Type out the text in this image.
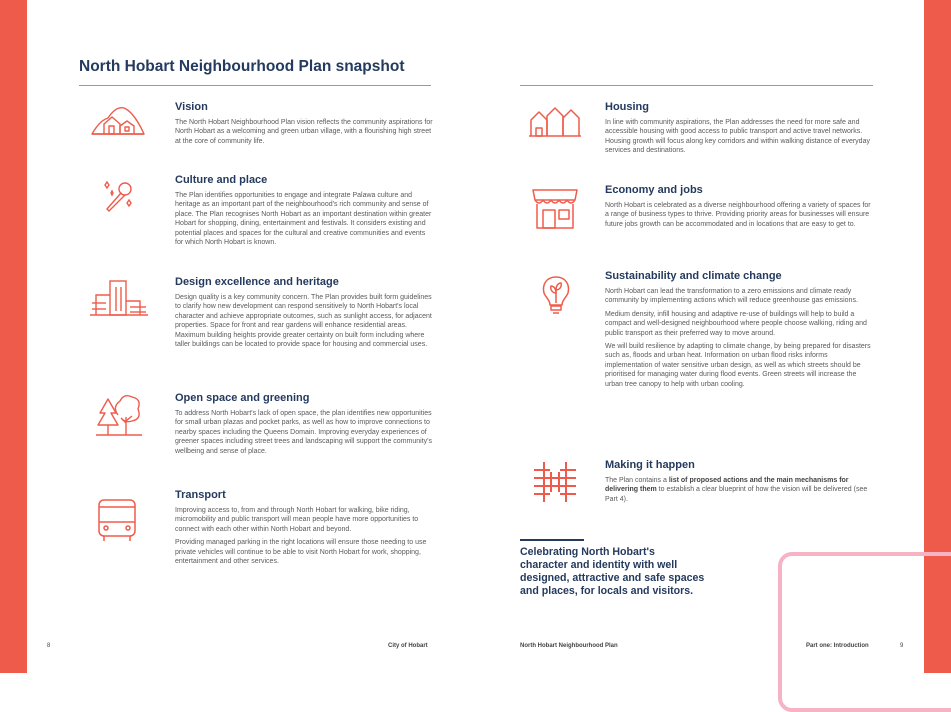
North Hobart Neighbourhood Plan snapshot
Vision

The North Hobart Neighbourhood Plan vision reflects the community aspirations for North Hobart as a welcoming and green urban village, with a flourishing high street at the core of community life.

Culture and place

The Plan identifies opportunities to engage and integrate Palawa culture and heritage as an important part of the neighbourhood's rich community and sense of place. The Plan recognises North Hobart as an important destination within greater Hobart for shopping, dining, entertainment and festivals. It considers existing and potential places and spaces for the cultural and creative communities and events for which North Hobart is known.

Design excellence and heritage

Design quality is a key community concern. The Plan provides built form guidelines to clarify how new development can respond sensitively to North Hobart's local character and achieve appropriate outcomes, such as sunlight access, for adjacent properties. Space for front and rear gardens will enhance residential areas. Maximum building heights provide greater certainty on built form including where taller buildings can be located to provide space for housing and commercial uses.

Open space and greening

To address North Hobart's lack of open space, the plan identifies new opportunities for small urban plazas and pocket parks, as well as how to improve connections to nearby spaces including the Queens Domain. Improving everyday experiences of greener spaces including street trees and landscaping will support the community's wellbeing and sense of place.

Transport

Improving access to, from and through North Hobart for walking, bike riding, micromobility and public transport will mean people have more opportunities to connect with each other within North Hobart and beyond.

Providing managed parking in the right locations will ensure those needing to use private vehicles will continue to be able to visit North Hobart for work, shopping, entertainment and other services.

Housing

In line with community aspirations, the Plan addresses the need for more safe and accessible housing with good access to public transport and active travel networks. Housing growth will focus along key corridors and within walking distance of everyday services and destinations.

Economy and jobs

North Hobart is celebrated as a diverse neighbourhood offering a variety of spaces for a range of business types to thrive. Providing priority areas for businesses will ensure future jobs growth can be accommodated and in locations that are easy to get to.

Sustainability and climate change

North Hobart can lead the transformation to a zero emissions and climate ready community by implementing actions which will reduce greenhouse gas emissions.

Medium density, infill housing and adaptive re-use of buildings will help to build a compact and well-designed neighbourhood where people choose walking, riding and public transport as their preferred way to move around.

We will build resilience by adapting to climate change, by being prepared for disasters such as, floods and urban heat. Information on urban flood risks informs implementation of water sensitive urban design, as well as which streets should be prioritised for managing water during flood events. Green streets will increase the urban tree canopy to help with urban cooling.

Making it happen

The Plan contains a list of proposed actions and the main mechanisms for delivering them to establish a clear blueprint of how the vision will be delivered (see Part 4).

Celebrating North Hobart's character and identity with well designed, attractive and safe spaces and places, for locals and visitors.

8	City of Hobart	North Hobart Neighbourhood Plan	Part one: Introduction	9
